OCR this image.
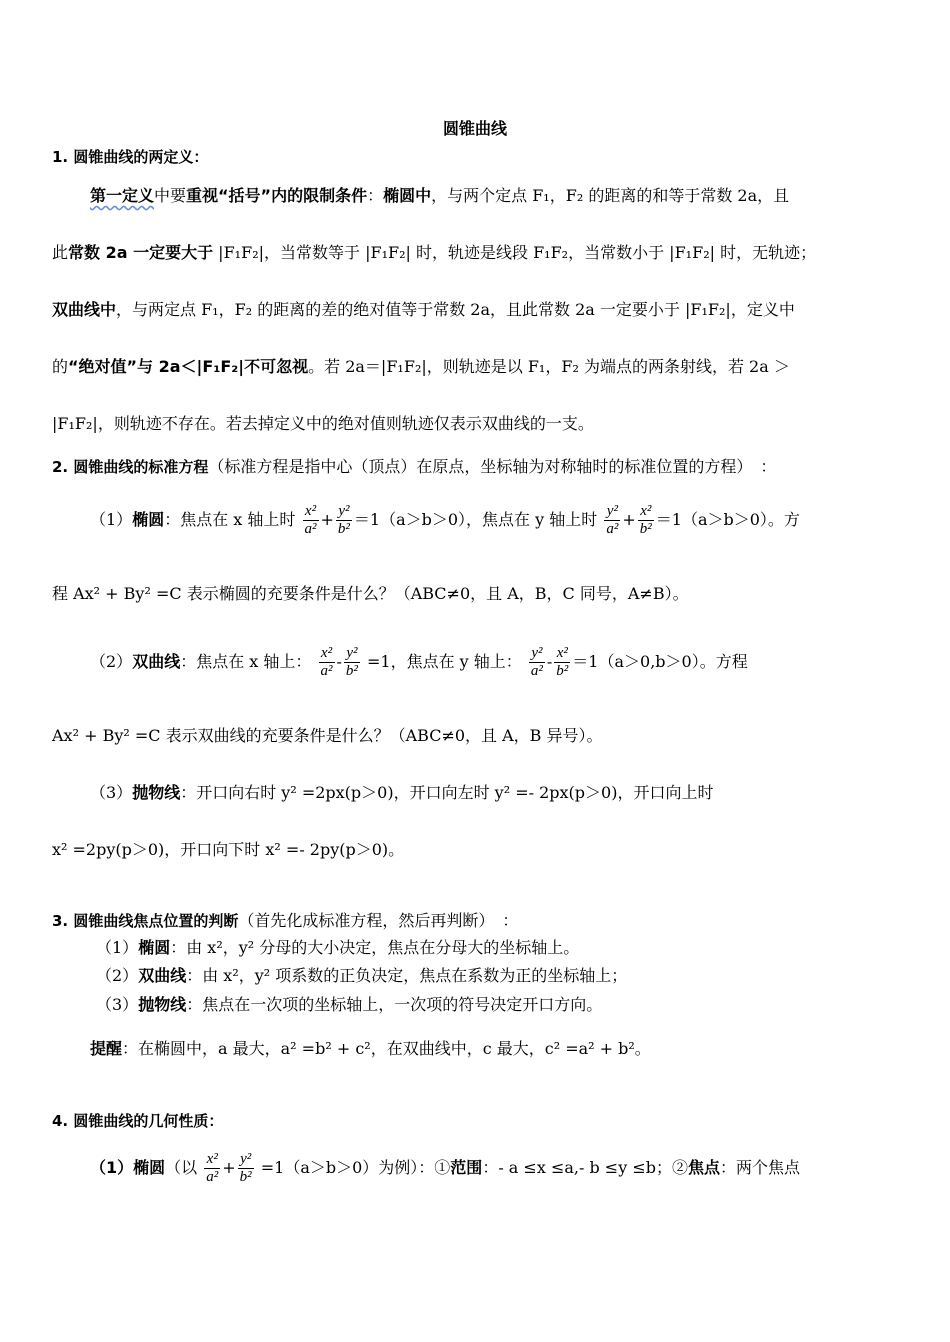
圆锥曲线
1. 圆锥曲线的两定义：
第一定义中要重视“括号”内的限制条件：椭圆中，与两个定点 F₁，F₂ 的距离的和等于常数 2a，且
此常数 2a 一定要大于 |F₁F₂|，当常数等于 |F₁F₂| 时，轨迹是线段 F₁F₂，当常数小于 |F₁F₂| 时，无轨迹；
双曲线中，与两定点 F₁，F₂ 的距离的差的绝对值等于常数 2a，且此常数 2a 一定要小于 |F₁F₂|，定义中
的“绝对值”与 2a＜|F₁F₂|不可忽视。若 2a＝|F₁F₂|，则轨迹是以 F₁，F₂ 为端点的两条射线，若 2a ＞
|F₁F₂|，则轨迹不存在。若去掉定义中的绝对值则轨迹仅表示双曲线的一支。
2. 圆锥曲线的标准方程（标准方程是指中心（顶点）在原点，坐标轴为对称轴时的标准位置的方程）　：
（1）椭圆：焦点在 x 轴上时 $\frac{\text{x²}}{\text{a²}} + \frac{\text{y²}}{\text{b²}} =1(a>b>0)$，焦点在 y 轴上时 $\frac{\text{y²}}{\text{a²}} + \frac{\text{x²}}{\text{b²}} =1(a>b>0)$。方
程 Ax² + By² =C 表示椭圆的充要条件是什么？（ABC≠0，且 A，B，C 同号，A≠B）。
（2）双曲线：焦点在 x 轴上： $\frac{\text{x²}}{\text{a²}} - \frac{\text{y²}}{\text{b²}} =1$，焦点在 y 轴上： $\frac{\text{y²}}{\text{a²}} - \frac{\text{x²}}{\text{b²}} =1(a>0,b>0)$。方程
Ax² + By² =C 表示双曲线的充要条件是什么？（ABC≠0，且 A，B 异号）。
（3）抛物线：开口向右时 y² =2px(p＞0)，开口向左时 y² =- 2px(p＞0)，开口向上时
x² =2py(p＞0)，开口向下时 x² =- 2py(p＞0)。
3. 圆锥曲线焦点位置的判断（首先化成标准方程，然后再判断）　：
（1）椭圆：由 x²，y² 分母的大小决定，焦点在分母大的坐标轴上。
（2）双曲线：由 x²，y² 项系数的正负决定，焦点在系数为正的坐标轴上；
（3）抛物线：焦点在一次项的坐标轴上，一次项的符号决定开口方向。
提醒：在椭圆中，a 最大，a² =b² + c²，在双曲线中，c 最大，c² =a² + b²。
4. 圆锥曲线的几何性质：
（1）椭圆（以 $\frac{\text{x²}}{\text{a²}} + \frac{\text{y²}}{\text{b²}} =1(a>b>0)$为例）：①范围：- a ≤x ≤a,- b ≤y ≤b；②焦点：两个焦点
